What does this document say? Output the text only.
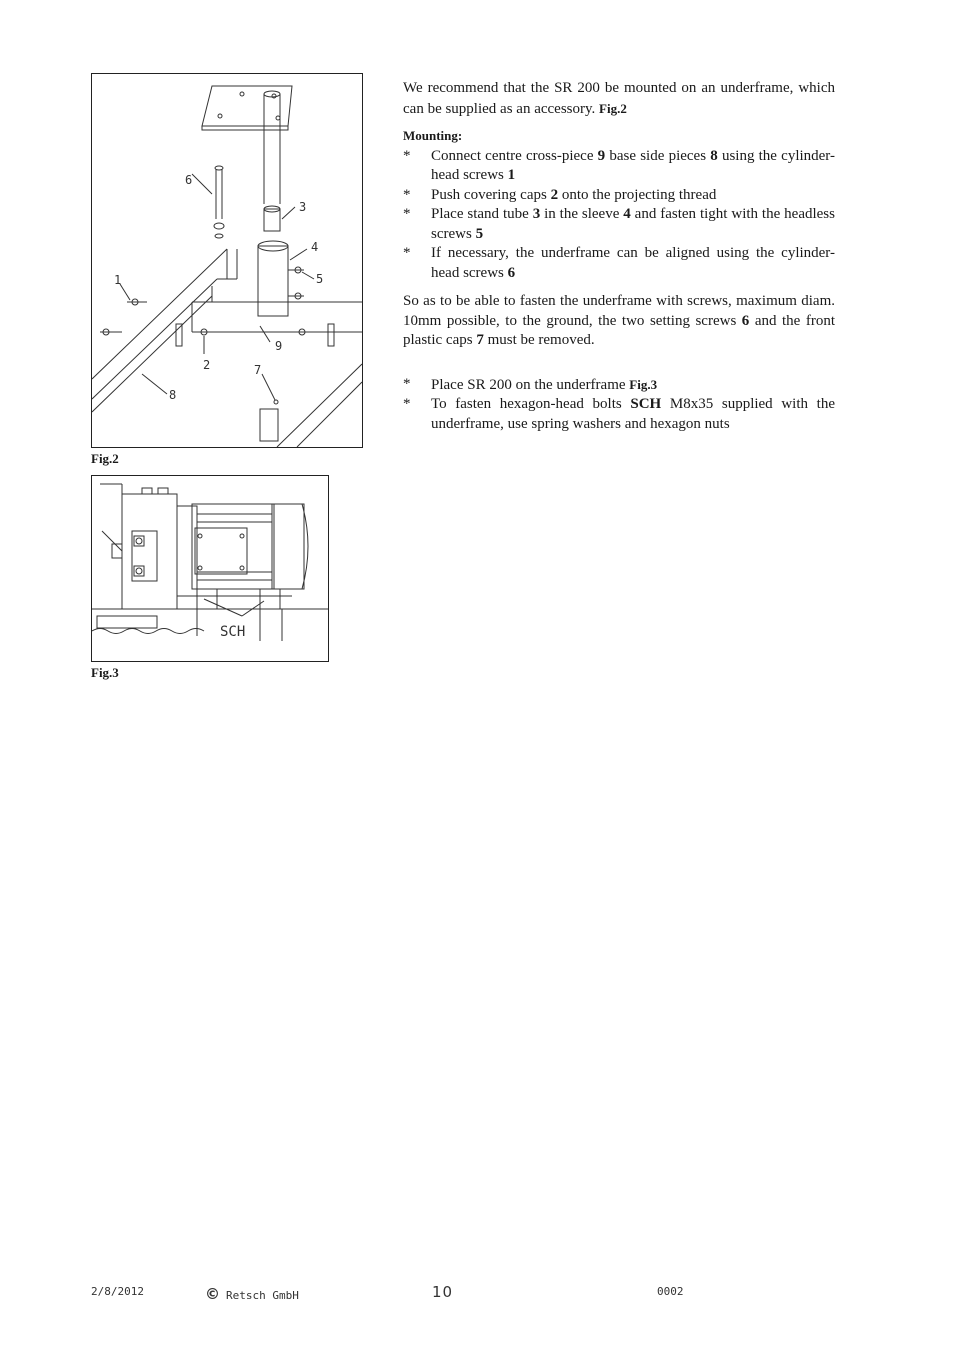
1
2
3
4
5
6
7
8
9
Fig.2
SCH
Fig.3

We recommend that the SR 200 be mounted on an underframe, which can be supplied as an accessory. Fig.2

Mounting:
* Connect centre cross-piece 9 base side pieces 8 using the cylinder-head screws 1
* Push covering caps 2 onto the projecting thread
* Place stand tube 3 in the sleeve 4 and fasten tight with the headless screws 5
* If necessary, the underframe can be aligned using the cylinder-head screws 6

So as to be able to fasten the underframe with screws, maximum diam. 10mm possible, to the ground, the two setting screws 6 and the front plastic caps 7 must be removed.

* Place SR 200 on the underframe Fig.3
* To fasten hexagon-head bolts SCH M8x35 supplied with the underframe, use spring washers and hexagon nuts
2/8/2012	© Retsch GmbH	10	0002
